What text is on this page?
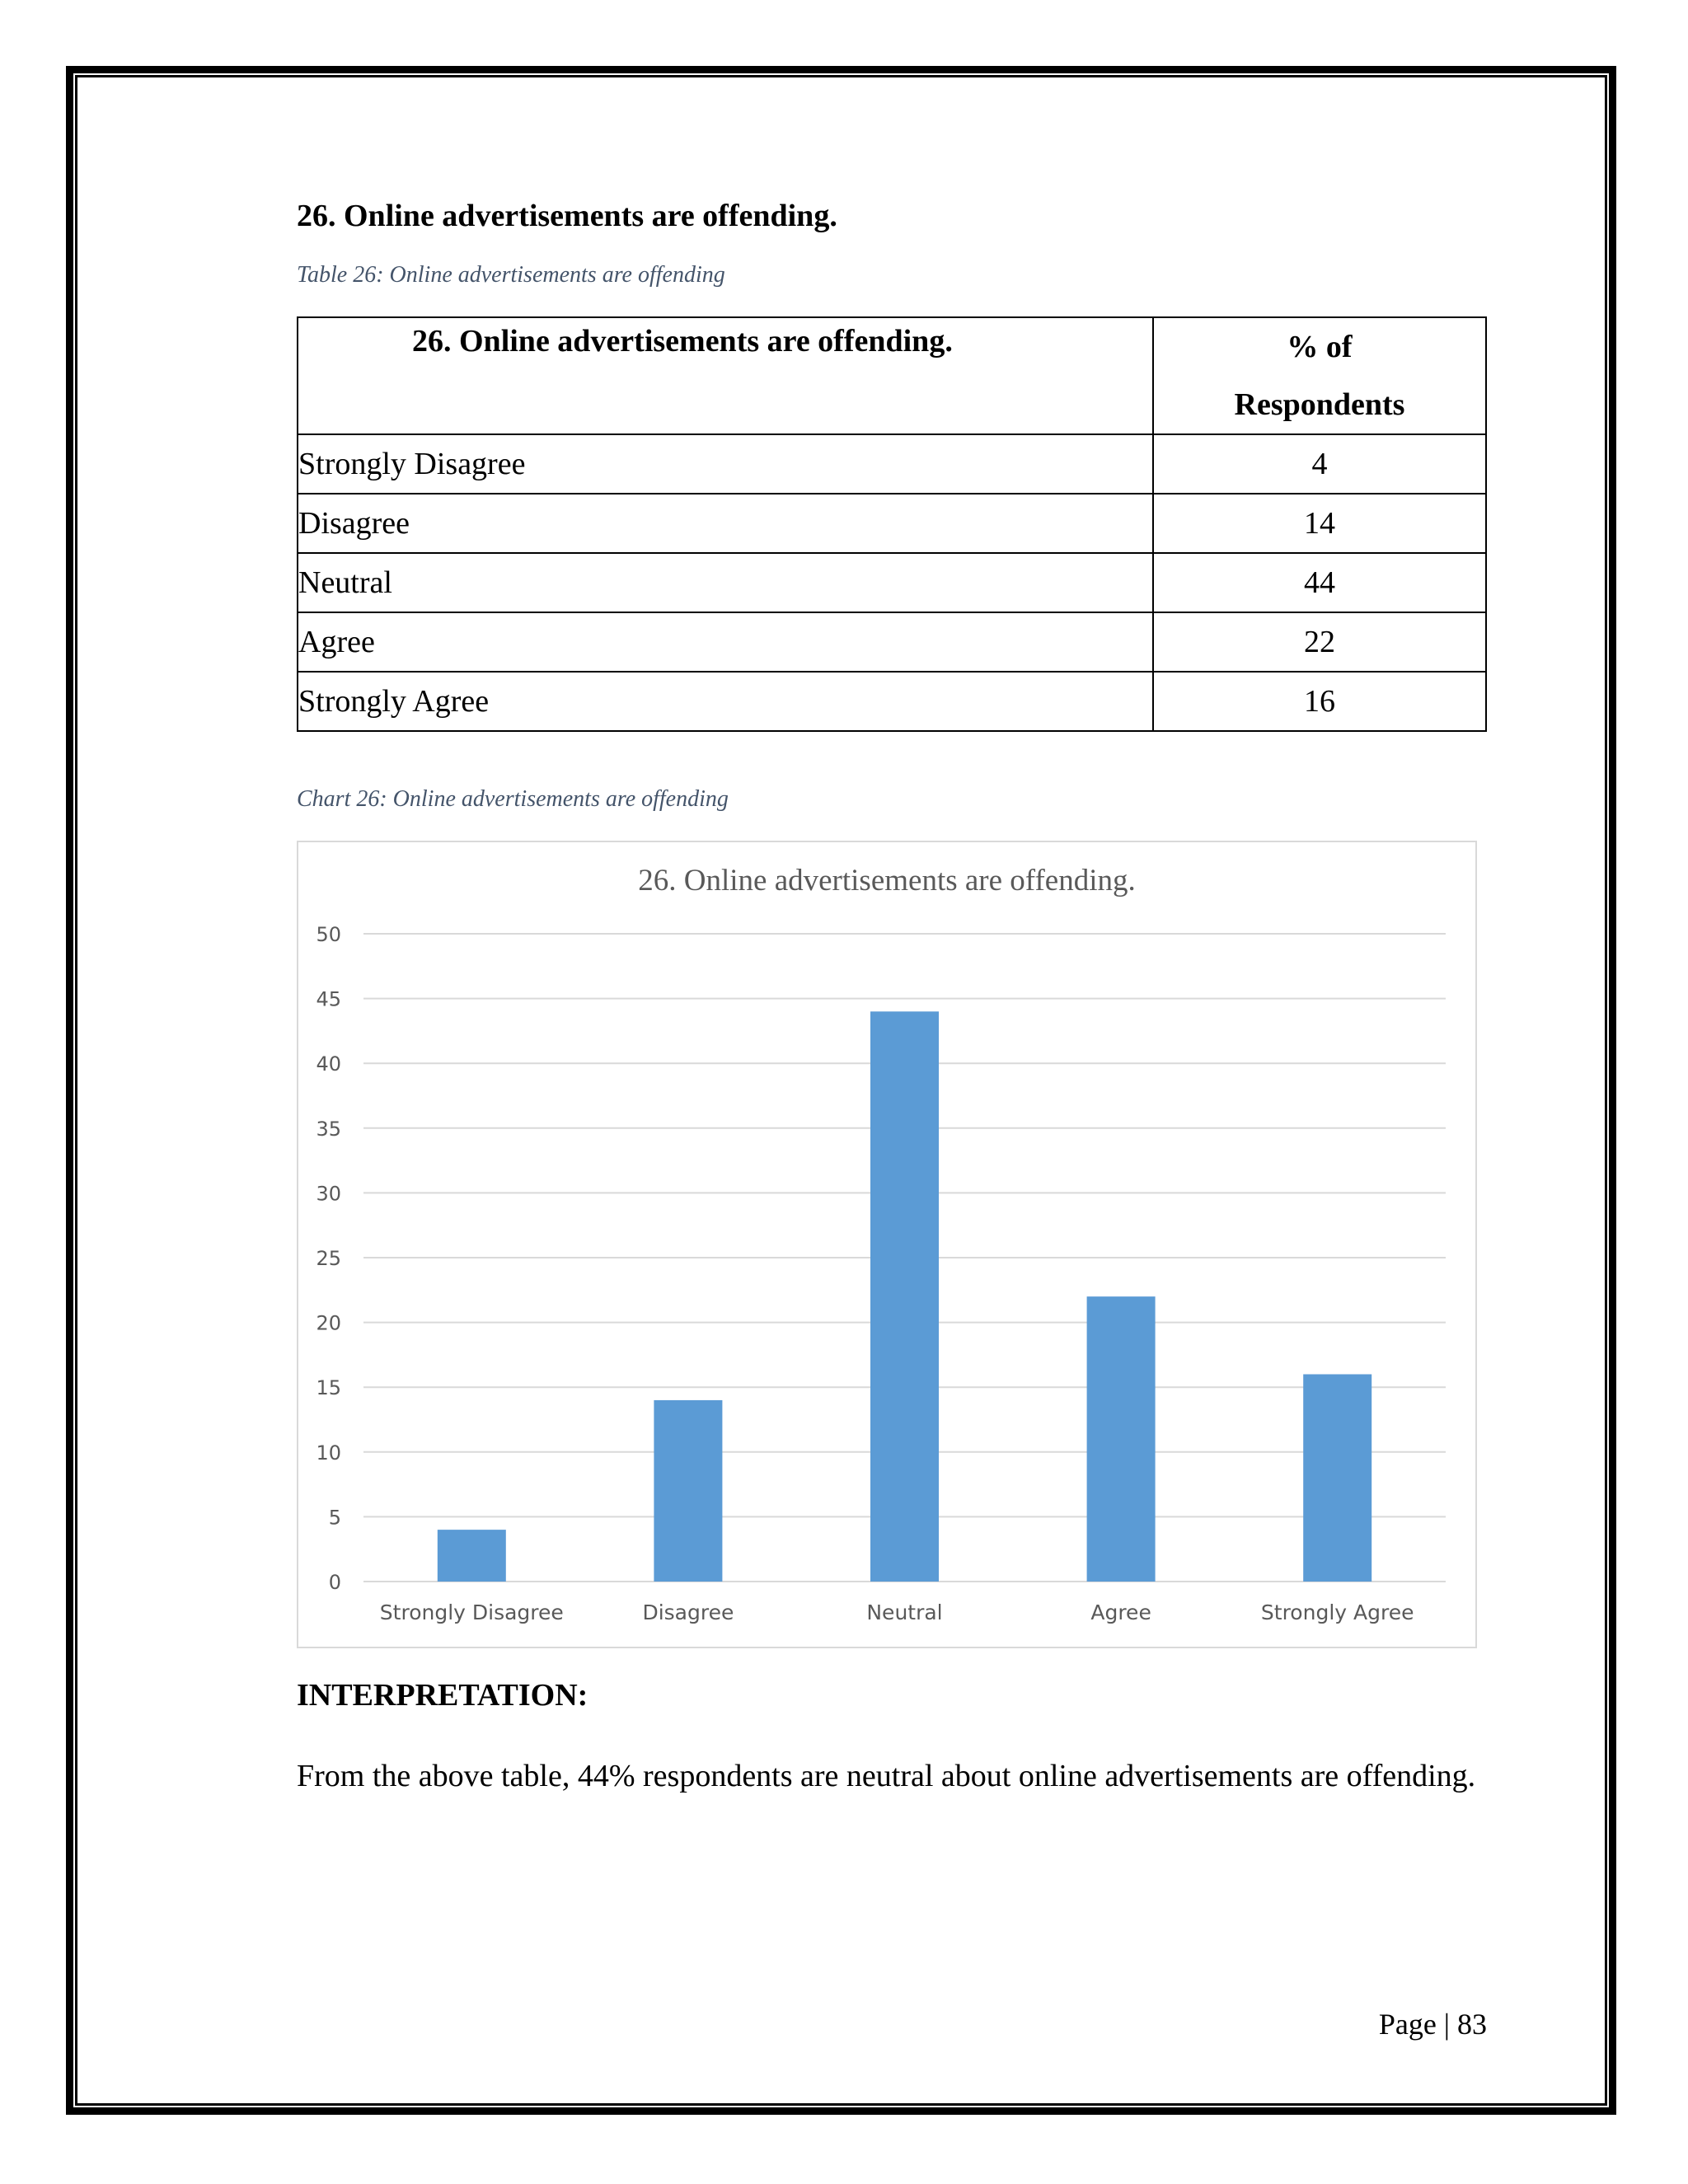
26. Online advertisements are offending.
Table 26: Online advertisements are offending
26. Online advertisements are offending.	% of
Respondents

Strongly Disagree	4
Disagree	14
Neutral	44
Agree	22
Strongly Agree	16
Chart 26: Online advertisements are offending
26. Online advertisements are offending.
0
5
10
15
20
25
30
35
40
45
50
Strongly Disagree	Disagree	Neutral	Agree	Strongly Agree
INTERPRETATION:
From the above table, 44% respondents are neutral about online advertisements are offending.
Page | 83
